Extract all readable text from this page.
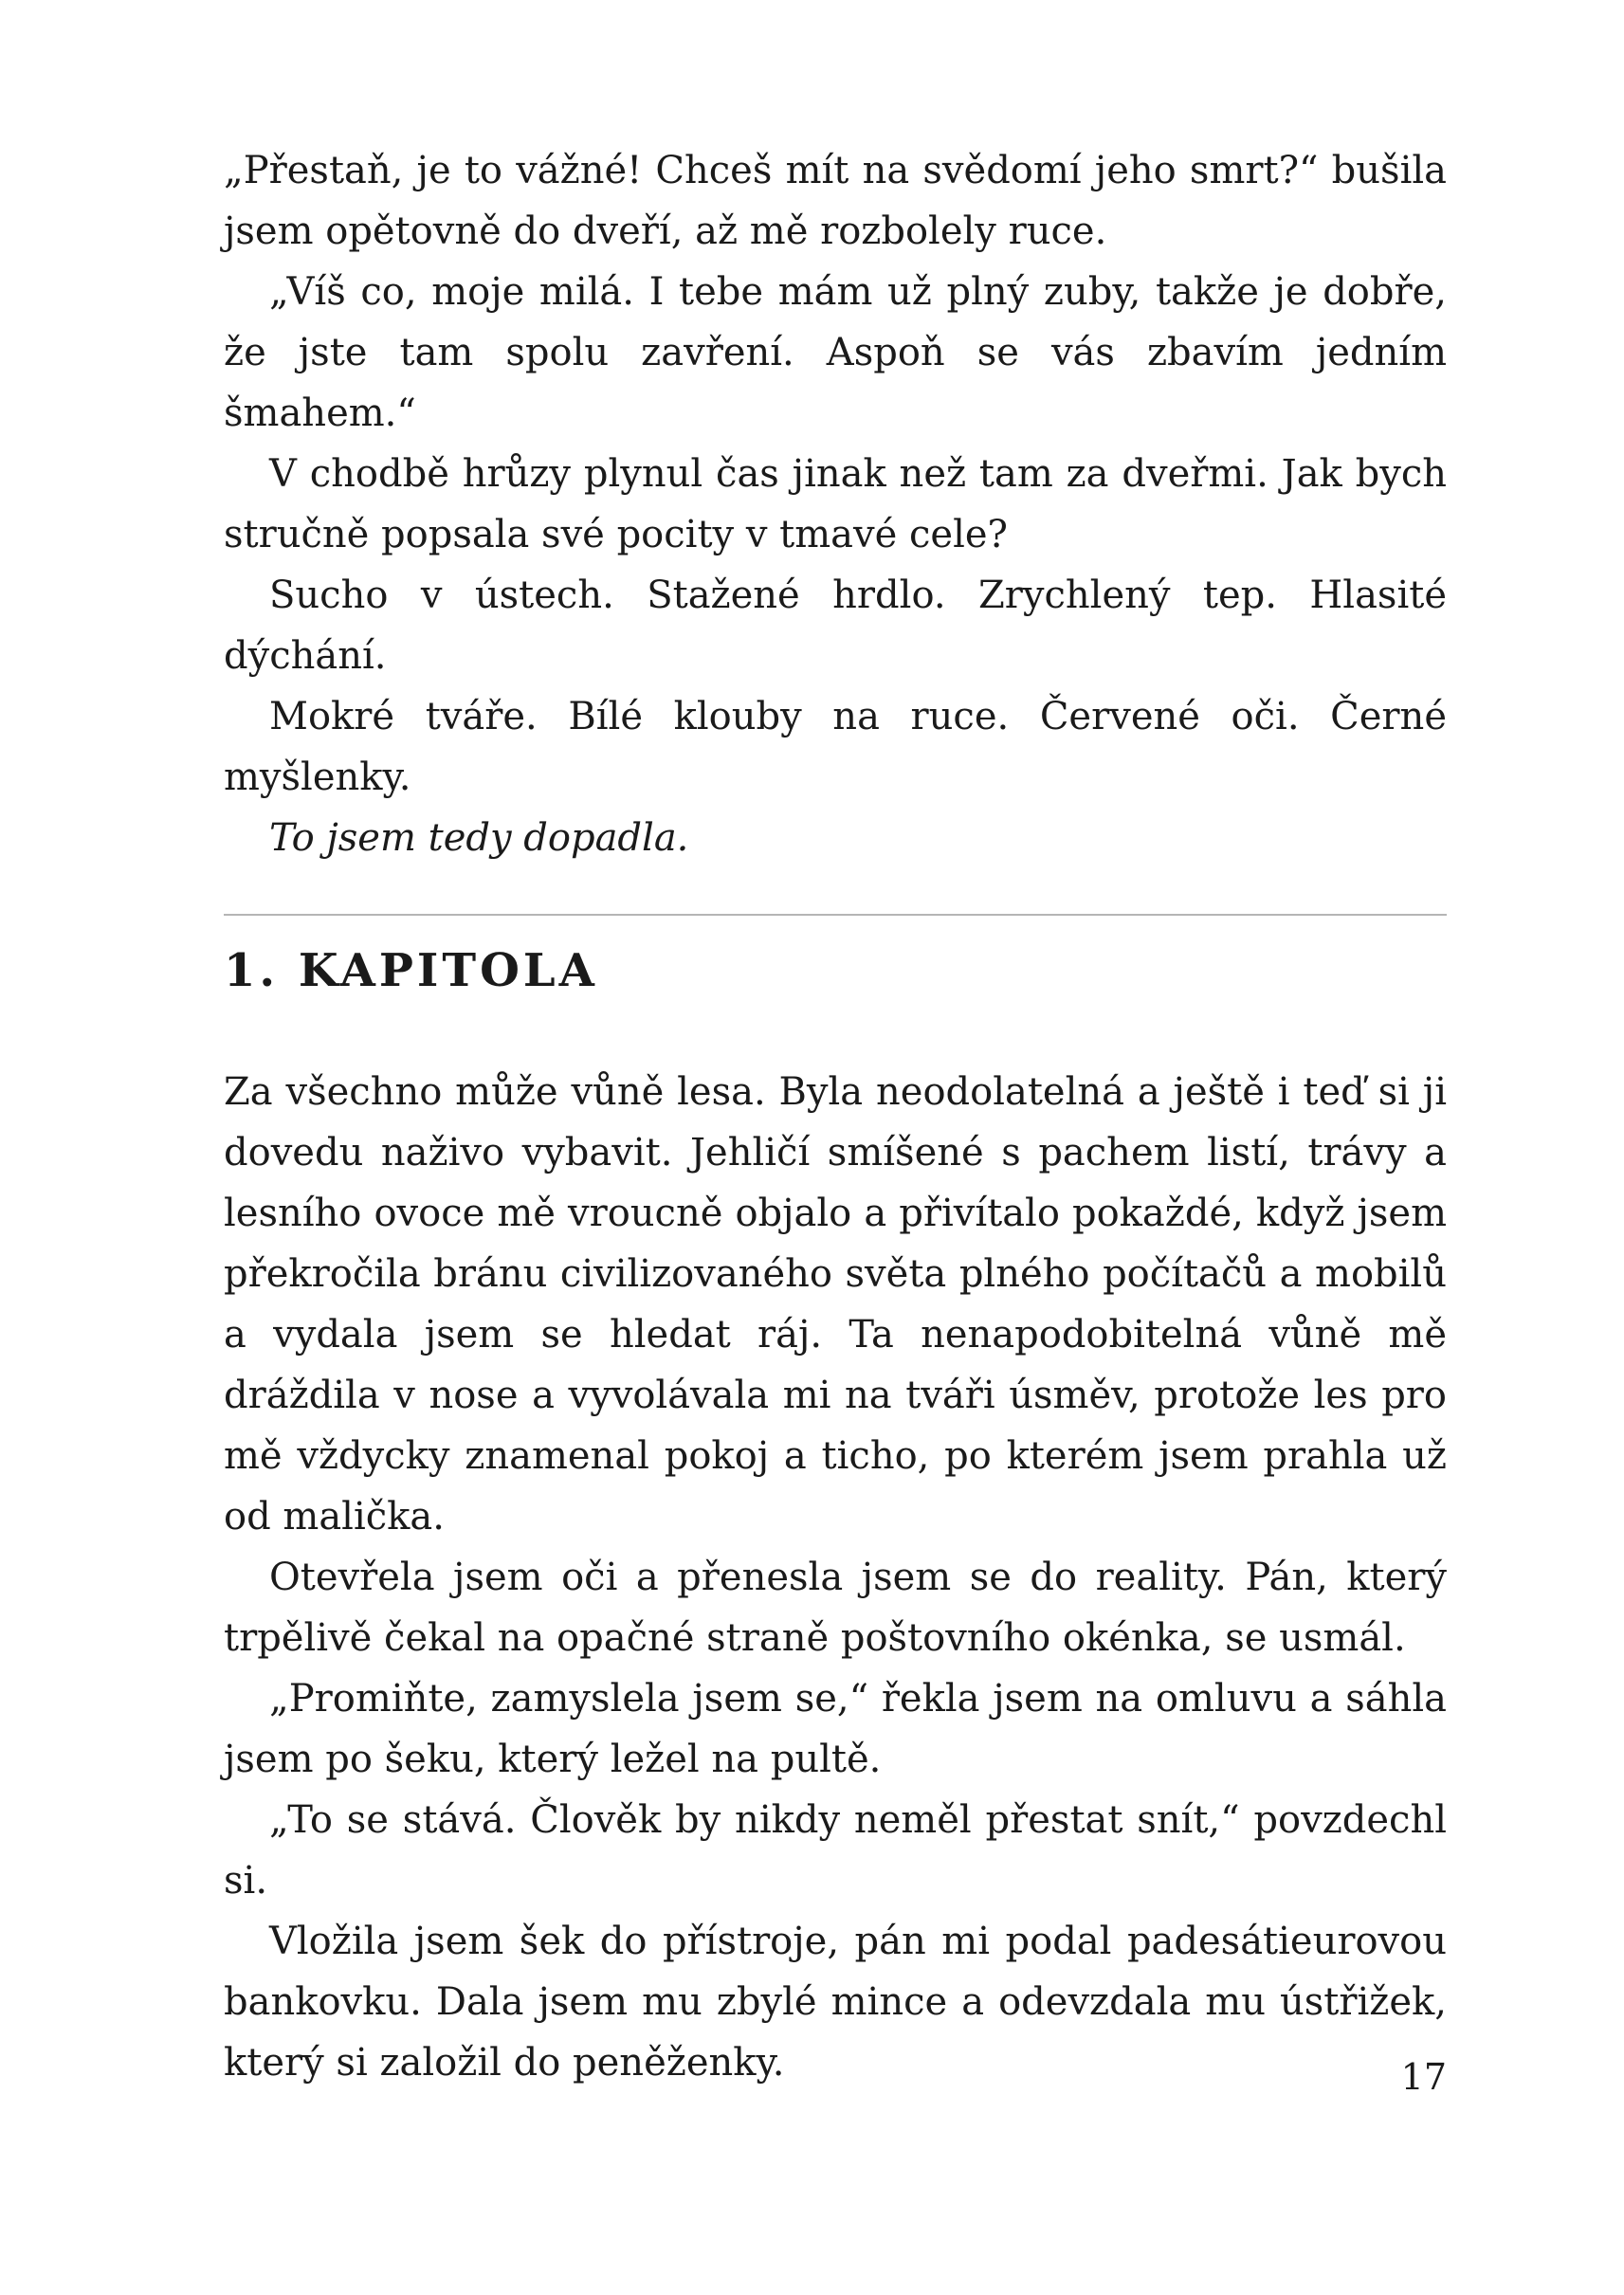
„Přestaň, je to vážné! Chceš mít na svědomí jeho smrt?“ bušila jsem opětovně do dveří, až mě rozbolely ruce.

„Víš co, moje milá. I tebe mám už plný zuby, takže je dobře, že jste tam spolu zavření. Aspoň se vás zbavím jedním šmahem.“

V chodbě hrůzy plynul čas jinak než tam za dveřmi. Jak bych stručně popsala své pocity v tmavé cele?

Sucho v ústech. Stažené hrdlo. Zrychlený tep. Hlasité dýchání.

Mokré tváře. Bílé klouby na ruce. Červené oči. Černé myšlenky.

To jsem tedy dopadla.

1. KAPITOLA

Za všechno může vůně lesa. Byla neodolatelná a ještě i teď si ji dovedu naživo vybavit. Jehličí smíšené s pachem listí, trávy a lesního ovoce mě vroucně objalo a přivítalo pokaždé, když jsem překročila bránu civilizovaného světa plného počítačů a mobilů a vydala jsem se hledat ráj. Ta nenapodobitelná vůně mě dráždila v nose a vyvolávala mi na tváři úsměv, protože les pro mě vždycky znamenal pokoj a ticho, po kterém jsem prahla už od malička.

Otevřela jsem oči a přenesla jsem se do reality. Pán, který trpělivě čekal na opačné straně poštovního okénka, se usmál.

„Promiňte, zamyslela jsem se,“ řekla jsem na omluvu a sáhla jsem po šeku, který ležel na pultě.

„To se stává. Člověk by nikdy neměl přestat snít,“ povzdechl si.

Vložila jsem šek do přístroje, pán mi podal padesátieurovou bankovku. Dala jsem mu zbylé mince a odevzdala mu ústřižek, který si založil do peněženky.	17
